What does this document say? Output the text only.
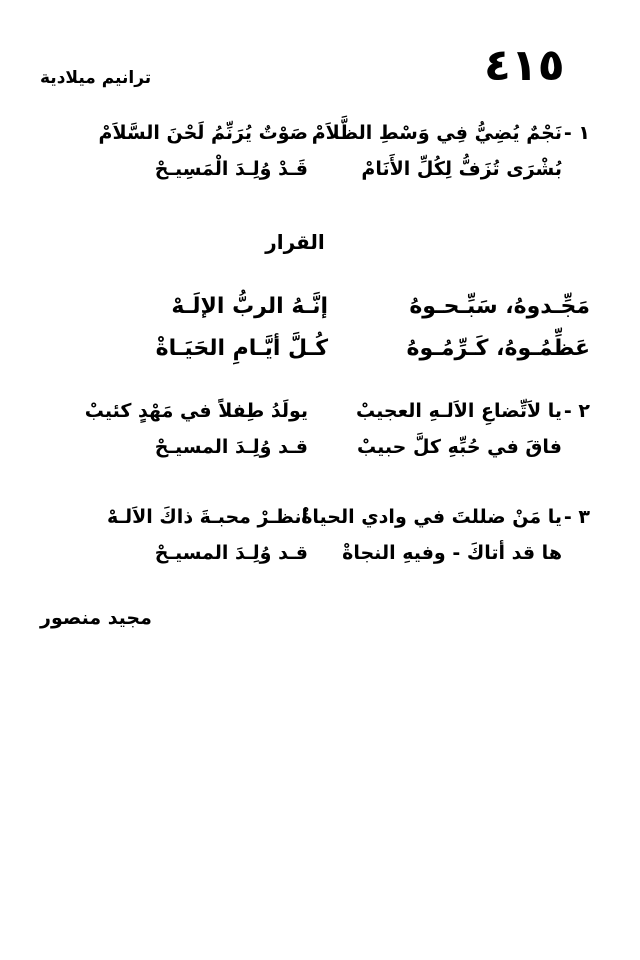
٤١٥
ترانيم ميلادية
١ -
نَجْمٌ يُضِيُّ فِي وَسْطِ الظَّلاَمْ
صَوْتٌ يُرَنِّمُ لَحْنَ السَّلاَمْ
بُشْرَى تُزَفُّ لِكُلِّ الأَنَامْ
قَـدْ وُلِـدَ الْمَسِيـحْ
القرار
مَجِّـدوهُ، سَبِّـحـوهُ
إنَّـهُ الربُّ الإلَـهْ
عَظِّمُـوهُ، كَـرِّمُـوهُ
كُـلَّ أيَّـامِ الحَيَـاةْ
٢ -
يا لاَتِّضاعِ الاَلـهِ العجيبْ
يولَدُ طِفلاً في مَهْدٍ كئيبْ
فاقَ في حُبِّهِ كلَّ حبيبْ
قـد وُلِـدَ المسيـحْ
٣ -
يا مَنْ ضللتَ في وادي الحياةْ
انظـرْ محبـةَ ذاكَ الاَلـهْ
ها قد أتاكَ - وفيهِ النجاةْ
قـد وُلِـدَ المسيـحْ
مجيد منصور
